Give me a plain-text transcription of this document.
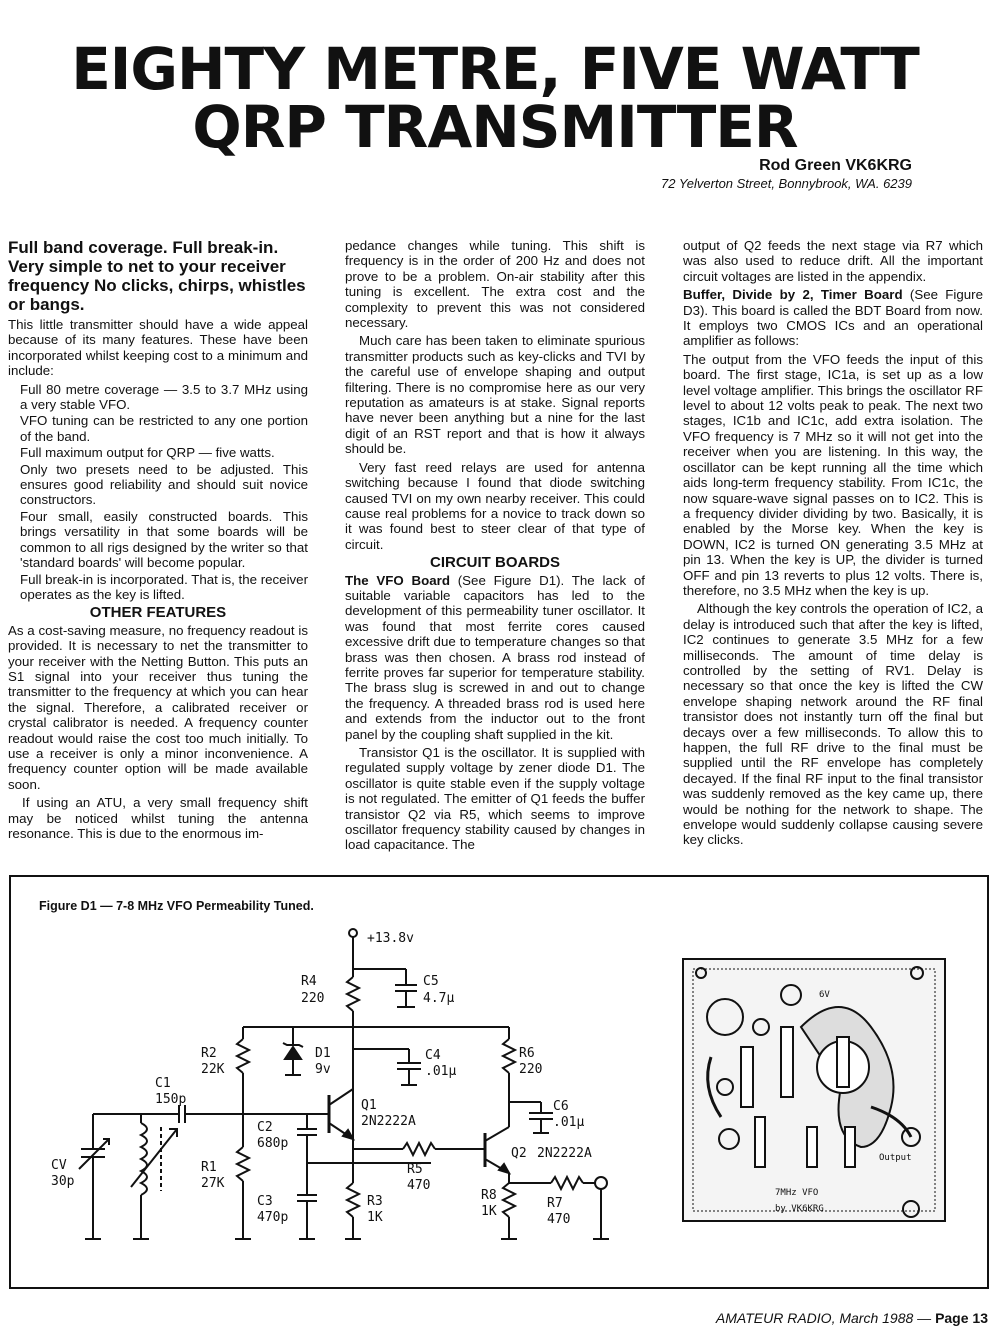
EIGHTY METRE, FIVE WATT
QRP TRANSMITTER
Rod Green VK6KRG
72 Yelverton Street, Bonnybrook, WA. 6239

Full band coverage. Full break-in. Very simple to net to your receiver frequency No clicks, chirps, whistles or bangs.

This little transmitter should have a wide appeal because of its many features. These have been incorporated whilst keeping cost to a minimum and include:

Full 80 metre coverage — 3.5 to 3.7 MHz using a very stable VFO.

VFO tuning can be restricted to any one portion of the band.

Full maximum output for QRP — five watts.

Only two presets need to be adjusted. This ensures good reliability and should suit novice constructors.

Four small, easily constructed boards. This brings versatility in that some boards will be common to all rigs designed by the writer so that 'standard boards' will become popular.

Full break-in is incorporated. That is, the receiver operates as the key is lifted.

OTHER FEATURES

As a cost-saving measure, no frequency readout is provided. It is necessary to net the transmitter to your receiver with the Netting Button. This puts an S1 signal into your receiver thus tuning the transmitter to the frequency at which you can hear the signal. Therefore, a calibrated receiver or crystal calibrator is needed. A frequency counter readout would raise the cost too much initially. To use a receiver is only a minor inconvenience. A frequency counter option will be made available soon.

If using an ATU, a very small frequency shift may be noticed whilst tuning the antenna resonance. This is due to the enormous im-

pedance changes while tuning. This shift is frequency is in the order of 200 Hz and does not prove to be a problem. On-air stability after this tuning is excellent. The extra cost and the complexity to prevent this was not considered necessary.

Much care has been taken to eliminate spurious transmitter products such as key-clicks and TVI by the careful use of envelope shaping and output filtering. There is no compromise here as our very reputation as amateurs is at stake. Signal reports have never been anything but a nine for the last digit of an RST report and that is how it always should be.

Very fast reed relays are used for antenna switching because I found that diode switching caused TVI on my own nearby receiver. This could cause real problems for a novice to track down so it was found best to steer clear of that type of circuit.

CIRCUIT BOARDS

The VFO Board (See Figure D1). The lack of suitable variable capacitors has led to the development of this permeability tuner oscillator. It was found that most ferrite cores caused excessive drift due to temperature changes so that brass was then chosen. A brass rod instead of ferrite proves far superior for temperature stability. The brass slug is screwed in and out to change the frequency. A threaded brass rod is used here and extends from the inductor out to the front panel by the coupling shaft supplied in the kit.

Transistor Q1 is the oscillator. It is supplied with regulated supply voltage by zener diode D1. The oscillator is quite stable even if the supply voltage is not regulated. The emitter of Q1 feeds the buffer transistor Q2 via R5, which seems to improve oscillator frequency stability caused by changes in load capacitance. The

output of Q2 feeds the next stage via R7 which was also used to reduce drift. All the important circuit voltages are listed in the appendix.

Buffer, Divide by 2, Timer Board (See Figure D3). This board is called the BDT Board from now. It employs two CMOS ICs and an operational amplifier as follows:

The output from the VFO feeds the input of this board. The first stage, IC1a, is set up as a low level voltage amplifier. This brings the oscillator RF level to about 12 volts peak to peak. The next two stages, IC1b and IC1c, add extra isolation. The VFO frequency is 7 MHz so it will not get into the receiver when you are listening. In this way, the oscillator can be kept running all the time which aids long-term frequency stability. From IC1c, the now square-wave signal passes on to IC2. This is a frequency divider dividing by two. Basically, it is enabled by the Morse key. When the key is DOWN, IC2 is turned ON generating 3.5 MHz at pin 13. When the key is UP, the divider is turned OFF and pin 13 reverts to plus 12 volts. There is, therefore, no 3.5 MHz when the key is up.

Although the key controls the operation of IC2, a delay is introduced such that after the key is lifted, IC2 continues to generate 3.5 MHz for a few milliseconds. The amount of time delay is controlled by the setting of RV1. Delay is necessary so that once the key is lifted the CW envelope shaping network around the RF final transistor does not instantly turn off the final but decays over a few milliseconds. To allow this to happen, the full RF drive to the final must be supplied until the RF envelope has completely decayed. If the final RF input to the final transistor was suddenly removed as the key came up, there would be nothing for the network to shape. The envelope would suddenly collapse causing severe key clicks.

Figure D1 — 7-8 MHz VFO Permeability Tuned.
+13.8v
R4
220
C5
4.7µ
R2
22K
D1
9v
C4
.01µ
R6
220
C6
.01µ
C1
150p	Q1
2N2222A
C2
680p
C3
470p
R3
1K
R5
470
Q2 2N2222A
R8
1K
R7
470
R1
27K
CV
30p
6V
Output
7MHz VFO
by VK6KRG
AMATEUR RADIO, March 1988 — Page 13
